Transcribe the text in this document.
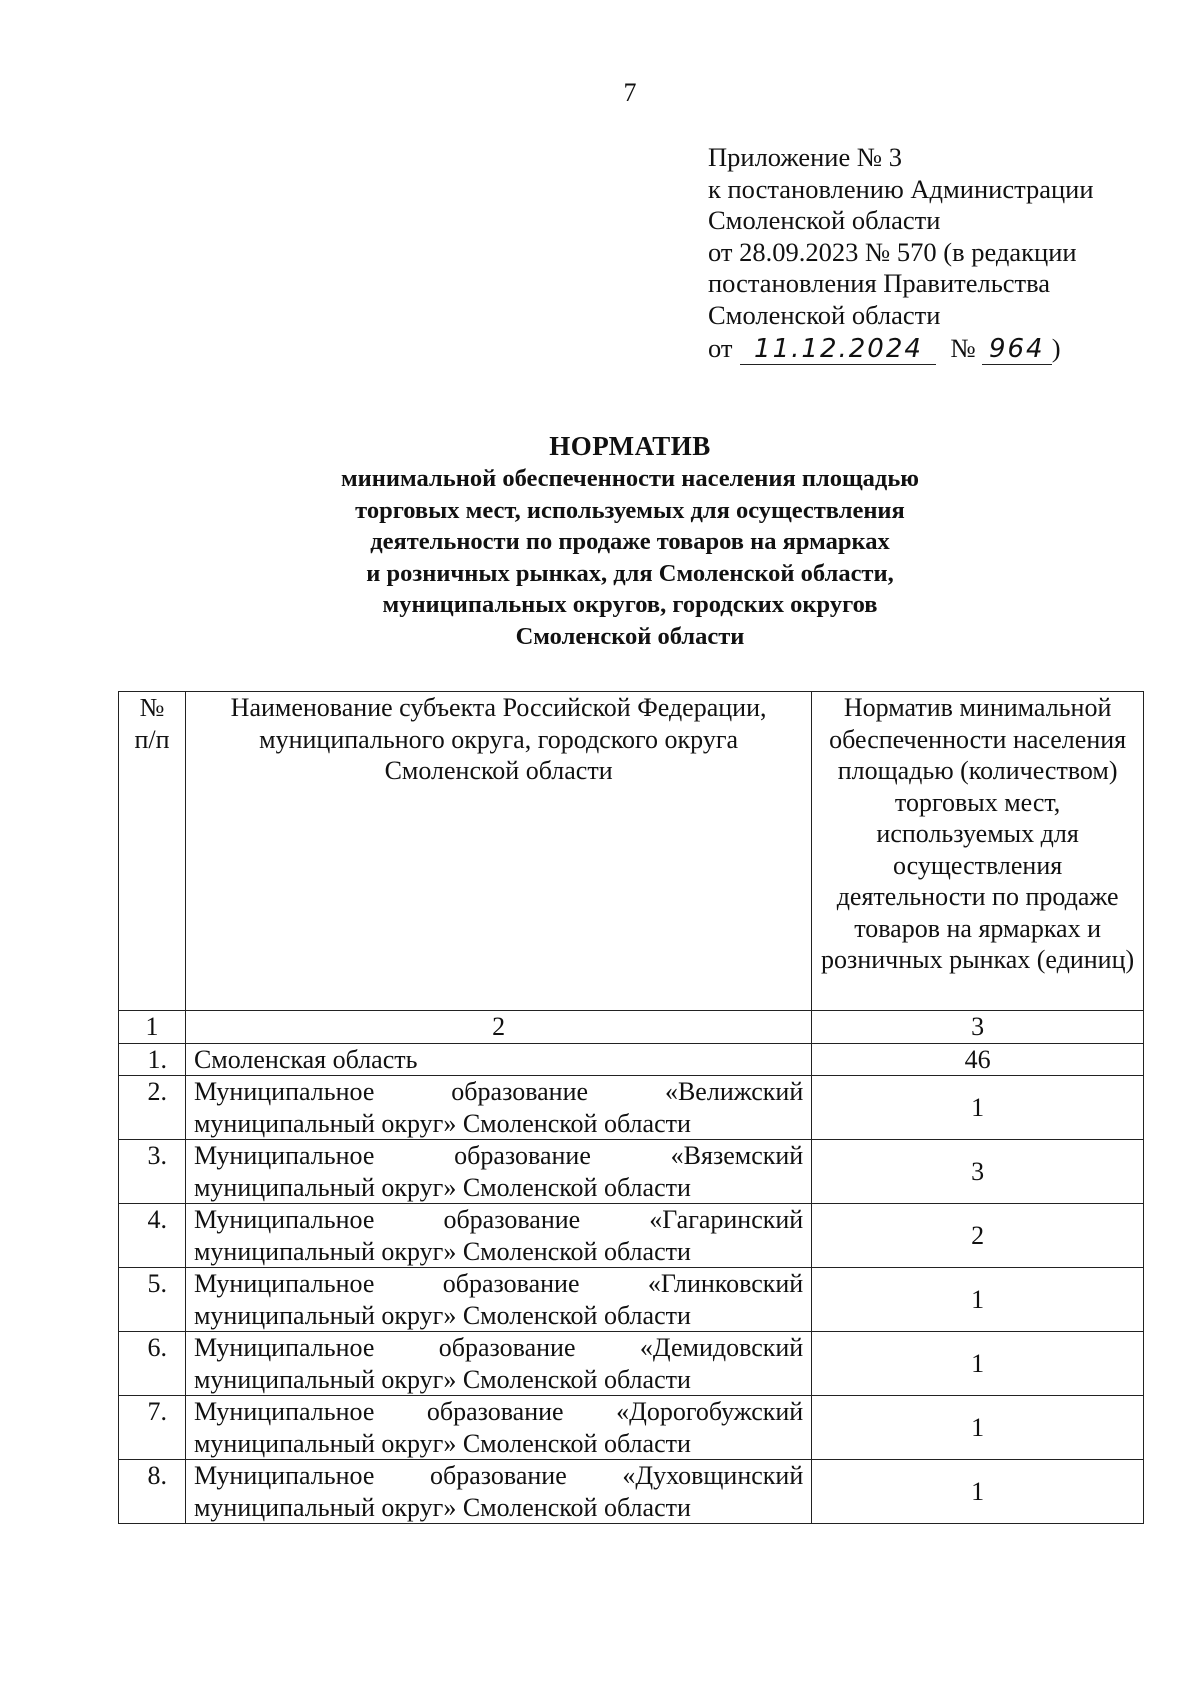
7
Приложение № 3
к постановлению Администрации
Смоленской области
от 28.09.2023 № 570 (в редакции
постановления Правительства
Смоленской области
от 11.12.2024	№ 964 )
НОРМАТИВ
минимальной обеспеченности населения площадью
торговых мест, используемых для осуществления
деятельности по продаже товаров на ярмарках
и розничных рынках, для Смоленской области,
муниципальных округов, городских округов
Смоленской области
№ п/п	Наименование субъекта Российской Федерации, муниципального округа, городского округа Смоленской области	Норматив минимальной обеспеченности населения площадью (количеством) торговых мест, используемых для осуществления деятельности по продаже товаров на ярмарках и розничных рынках (единиц)
1	2	3
1.	Смоленская область	46
2.	Муниципальное образование «Велижский муниципальный округ» Смоленской области	1
3.	Муниципальное образование «Вяземский муниципальный округ» Смоленской области	3
4.	Муниципальное образование «Гагаринский муниципальный округ» Смоленской области	2
5.	Муниципальное образование «Глинковский муниципальный округ» Смоленской области	1
6.	Муниципальное образование «Демидовский муниципальный округ» Смоленской области	1
7.	Муниципальное образование «Дорогобужский муниципальный округ» Смоленской области	1
8.	Муниципальное образование «Духовщинский муниципальный округ» Смоленской области	1
